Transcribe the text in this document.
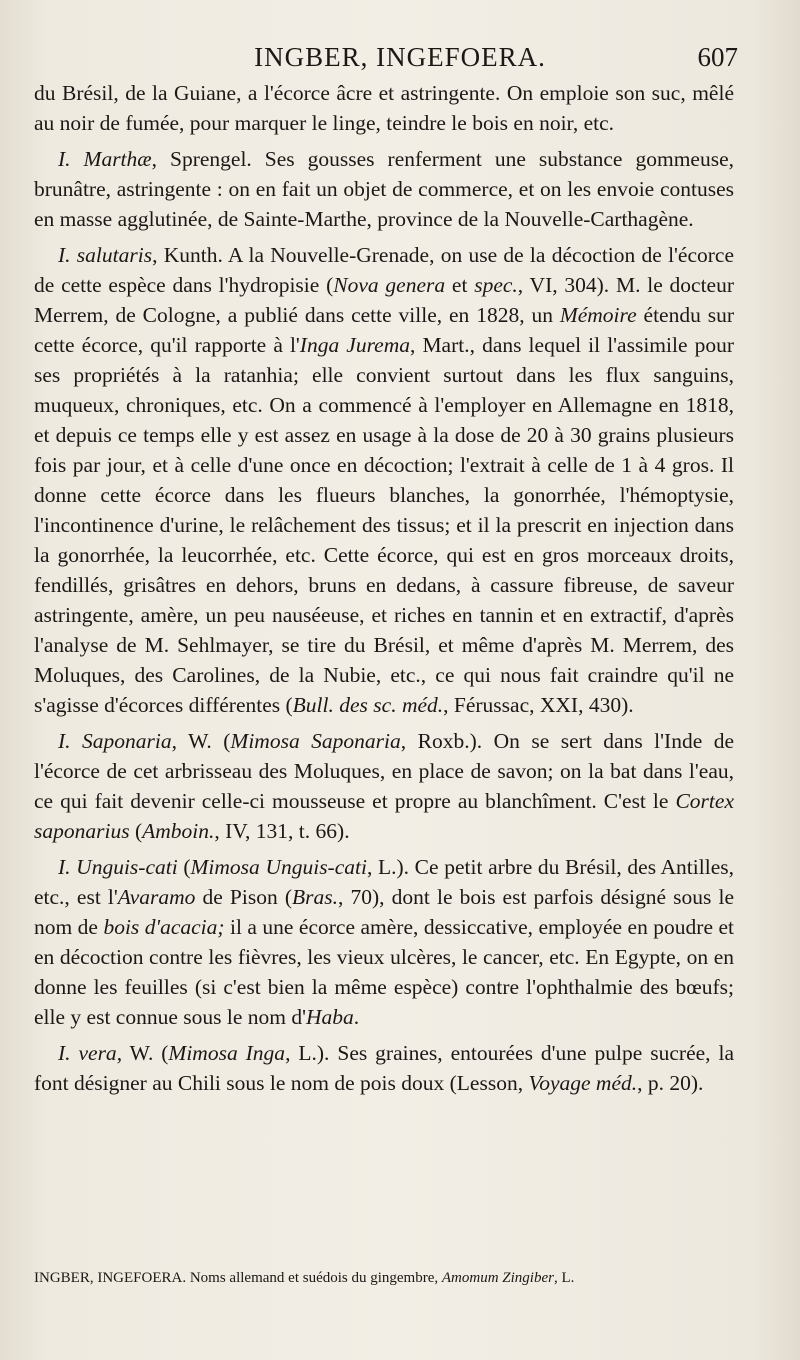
INGBER, INGEFOERA.	607

du Brésil, de la Guiane, a l'écorce âcre et astringente. On emploie son suc, mêlé au noir de fumée, pour marquer le linge, teindre le bois en noir, etc.

I. Marthæ, Sprengel. Ses gousses renferment une substance gommeuse, brunâtre, astringente : on en fait un objet de commerce, et on les envoie contuses en masse agglutinée, de Sainte-Marthe, province de la Nouvelle-Carthagène.

I. salutaris, Kunth. A la Nouvelle-Grenade, on use de la décoction de l'écorce de cette espèce dans l'hydropisie (Nova genera et spec., VI, 304). M. le docteur Merrem, de Cologne, a publié dans cette ville, en 1828, un Mémoire étendu sur cette écorce, qu'il rapporte à l'Inga Jurema, Mart., dans lequel il l'assimile pour ses propriétés à la ratanhia; elle convient surtout dans les flux sanguins, muqueux, chroniques, etc. On a commencé à l'employer en Allemagne en 1818, et depuis ce temps elle y est assez en usage à la dose de 20 à 30 grains plusieurs fois par jour, et à celle d'une once en décoction; l'extrait à celle de 1 à 4 gros. Il donne cette écorce dans les flueurs blanches, la gonorrhée, l'hémoptysie, l'incontinence d'urine, le relâchement des tissus; et il la prescrit en injection dans la gonorrhée, la leucorrhée, etc. Cette écorce, qui est en gros morceaux droits, fendillés, grisâtres en dehors, bruns en dedans, à cassure fibreuse, de saveur astringente, amère, un peu nauséeuse, et riches en tannin et en extractif, d'après l'analyse de M. Sehlmayer, se tire du Brésil, et même d'après M. Merrem, des Moluques, des Carolines, de la Nubie, etc., ce qui nous fait craindre qu'il ne s'agisse d'écorces différentes (Bull. des sc. méd., Férussac, XXI, 430).

I. Saponaria, W. (Mimosa Saponaria, Roxb.). On se sert dans l'Inde de l'écorce de cet arbrisseau des Moluques, en place de savon; on la bat dans l'eau, ce qui fait devenir celle-ci mousseuse et propre au blanchîment. C'est le Cortex saponarius (Amboin., IV, 131, t. 66).

I. Unguis-cati (Mimosa Unguis-cati, L.). Ce petit arbre du Brésil, des Antilles, etc., est l'Avaramo de Pison (Bras., 70), dont le bois est parfois désigné sous le nom de bois d'acacia; il a une écorce amère, dessiccative, employée en poudre et en décoction contre les fièvres, les vieux ulcères, le cancer, etc. En Egypte, on en donne les feuilles (si c'est bien la même espèce) contre l'ophthalmie des bœufs; elle y est connue sous le nom d'Haba.

I. vera, W. (Mimosa Inga, L.). Ses graines, entourées d'une pulpe sucrée, la font désigner au Chili sous le nom de pois doux (Lesson, Voyage méd., p. 20).

INGBER, INGEFOERA. Noms allemand et suédois du gingembre, Amomum Zingiber, L.
